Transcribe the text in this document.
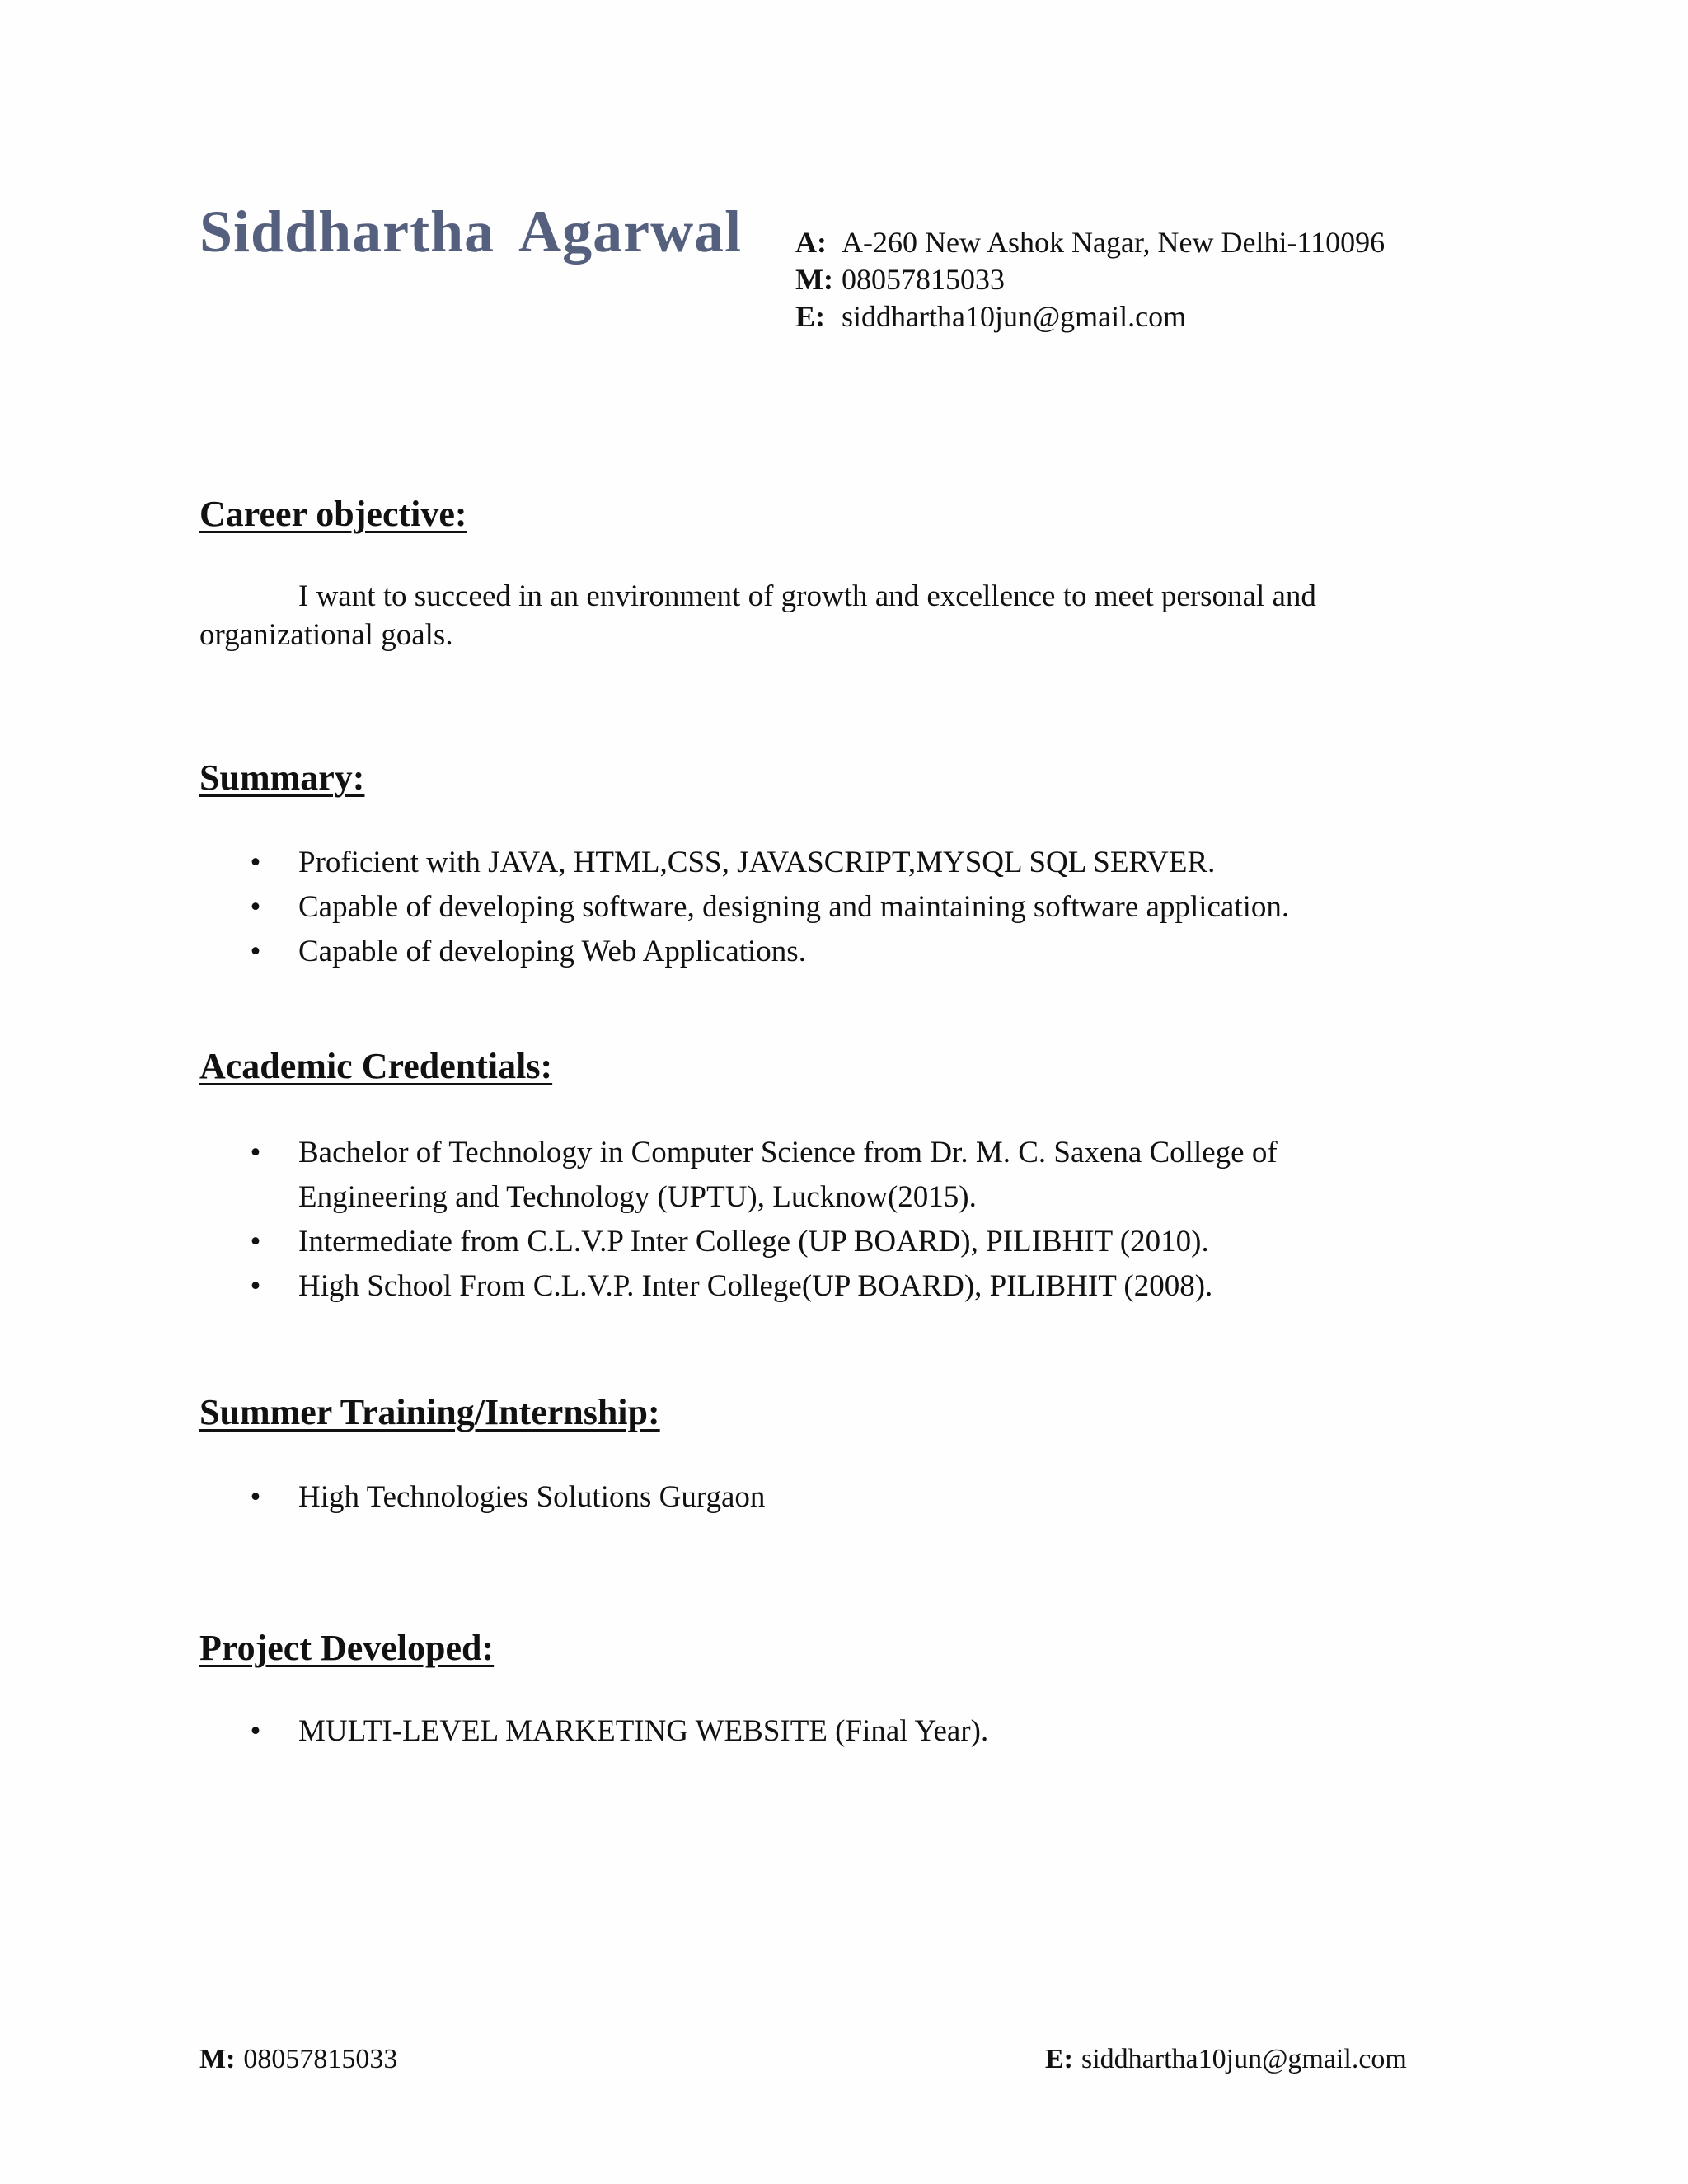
Siddhartha Agarwal A: A-260 New Ashok Nagar, New Delhi-110096
M: 08057815033
E: siddhartha10jun@gmail.com
Career objective:
I want to succeed in an environment of growth and excellence to meet personal and organizational goals.
Summary:
• Proficient with JAVA, HTML,CSS, JAVASCRIPT,MYSQL SQL SERVER.
• Capable of developing software, designing and maintaining software application.
• Capable of developing Web Applications.
Academic Credentials:
• Bachelor of Technology in Computer Science from Dr. M. C. Saxena College of Engineering and Technology (UPTU), Lucknow(2015).
• Intermediate from C.L.V.P Inter College (UP BOARD), PILIBHIT (2010).
• High School From C.L.V.P. Inter College(UP BOARD), PILIBHIT (2008).
Summer Training/Internship:
• High Technologies Solutions Gurgaon
Project Developed:
• MULTI-LEVEL MARKETING WEBSITE (Final Year).
M: 08057815033	E: siddhartha10jun@gmail.com
